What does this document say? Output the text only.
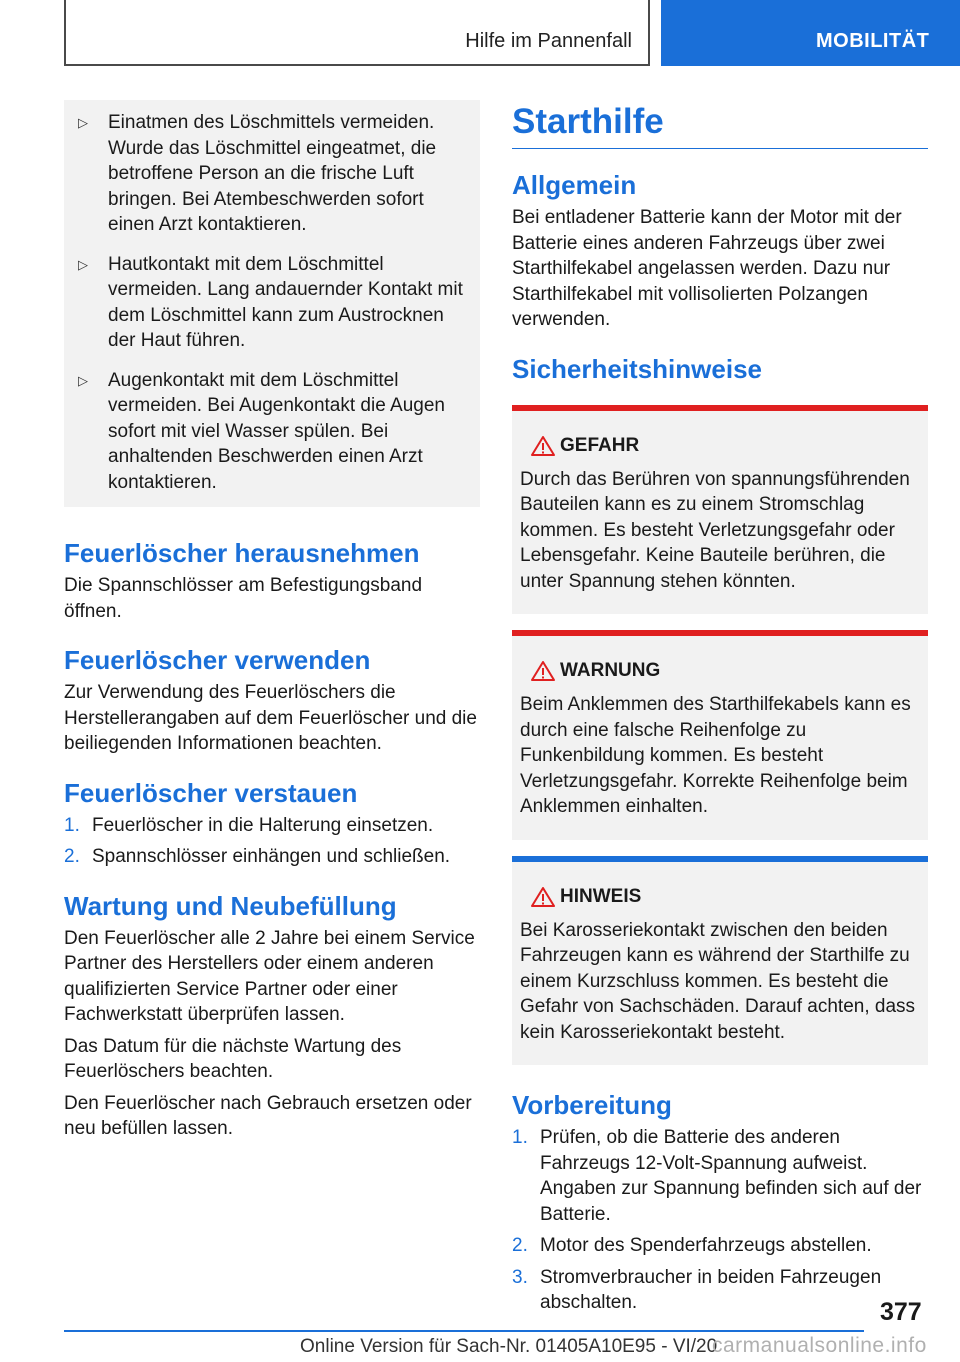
Hilfe im Pannenfall	MOBILITÄT
▷	Einatmen des Löschmittels vermeiden. Wurde das Löschmittel eingeatmet, die betroffene Person an die frische Luft bringen. Bei Atembeschwerden sofort einen Arzt kontaktieren.
▷	Hautkontakt mit dem Löschmittel vermeiden. Lang andauernder Kontakt mit dem Löschmittel kann zum Austrocknen der Haut führen.
▷	Augenkontakt mit dem Löschmittel vermeiden. Bei Augenkontakt die Augen sofort mit viel Wasser spülen. Bei anhaltenden Beschwerden einen Arzt kontaktieren.
Feuerlöscher herausnehmen

Die Spannschlösser am Befestigungsband öffnen.

Feuerlöscher verwenden

Zur Verwendung des Feuerlöschers die Herstellerangaben auf dem Feuerlöscher und die beiliegenden Informationen beachten.

Feuerlöscher verstauen
1. Feuerlöscher in die Halterung einsetzen.
2. Spannschlösser einhängen und schließen.
Wartung und Neubefüllung

Den Feuerlöscher alle 2 Jahre bei einem Service Partner des Herstellers oder einem anderen qualifizierten Service Partner oder einer Fachwerkstatt überprüfen lassen.

Das Datum für die nächste Wartung des Feuerlöschers beachten.

Den Feuerlöscher nach Gebrauch ersetzen oder neu befüllen lassen.

Starthilfe
Allgemein

Bei entladener Batterie kann der Motor mit der Batterie eines anderen Fahrzeugs über zwei Starthilfekabel angelassen werden. Dazu nur Starthilfekabel mit vollisolierten Polzangen verwenden.

Sicherheitshinweise
GEFAHR

Durch das Berühren von spannungsführenden Bauteilen kann es zu einem Stromschlag kommen. Es besteht Verletzungsgefahr oder Lebensgefahr. Keine Bauteile berühren, die unter Spannung stehen könnten.

WARNUNG

Beim Anklemmen des Starthilfekabels kann es durch eine falsche Reihenfolge zu Funkenbildung kommen. Es besteht Verletzungsgefahr. Korrekte Reihenfolge beim Anklemmen einhalten.

HINWEIS

Bei Karosseriekontakt zwischen den beiden Fahrzeugen kann es während der Starthilfe zu einem Kurzschluss kommen. Es besteht die Gefahr von Sachschäden. Darauf achten, dass kein Karosseriekontakt besteht.

Vorbereitung
1. Prüfen, ob die Batterie des anderen Fahrzeugs 12-Volt-Spannung aufweist. Angaben zur Spannung befinden sich auf der Batterie.
2. Motor des Spenderfahrzeugs abstellen.
3. Stromverbraucher in beiden Fahrzeugen abschalten.	377
Online Version für Sach-Nr. 01405A10E95 - VI/20
carmanualsonline.info
